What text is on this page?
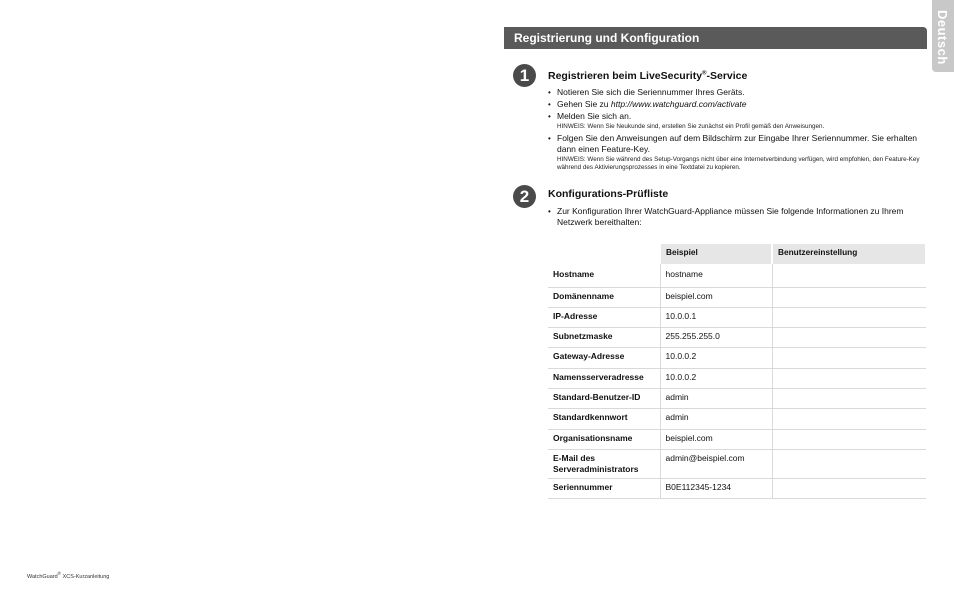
Registrierung und Konfiguration	Deutsch
1	Registrieren beim LiveSecurity®-Service
• Notieren Sie sich die Seriennummer Ihres Geräts.
• Gehen Sie zu http://www.watchguard.com/activate
• Melden Sie sich an.
HINWEIS: Wenn Sie Neukunde sind, erstellen Sie zunächst ein Profil gemäß den Anweisungen.
• Folgen Sie den Anweisungen auf dem Bildschirm zur Eingabe Ihrer Seriennummer. Sie erhalten dann einen Feature-Key.
HINWEIS: Wenn Sie während des Setup-Vorgangs nicht über eine Internetverbindung verfügen, wird empfohlen, den Feature-Key während des Aktivierungsprozesses in eine Textdatei zu kopieren.
2	Konfigurations-Prüfliste
• Zur Konfiguration Ihrer WatchGuard-Appliance müssen Sie folgende Informationen zu Ihrem Netzwerk bereithalten:
	Beispiel	Benutzereinstellung
Hostname	hostname	
Domänenname	beispiel.com	
IP-Adresse	10.0.0.1	
Subnetzmaske	255.255.255.0	
Gateway-Adresse	10.0.0.2	
Namensserveradresse	10.0.0.2	
Standard-Benutzer-ID	admin	
Standardkennwort	admin	
Organisationsname	beispiel.com	
E-Mail des Serveradministrators	admin@beispiel.com	
Seriennummer	B0E112345-1234	
WatchGuard® XCS-Kurzanleitung
